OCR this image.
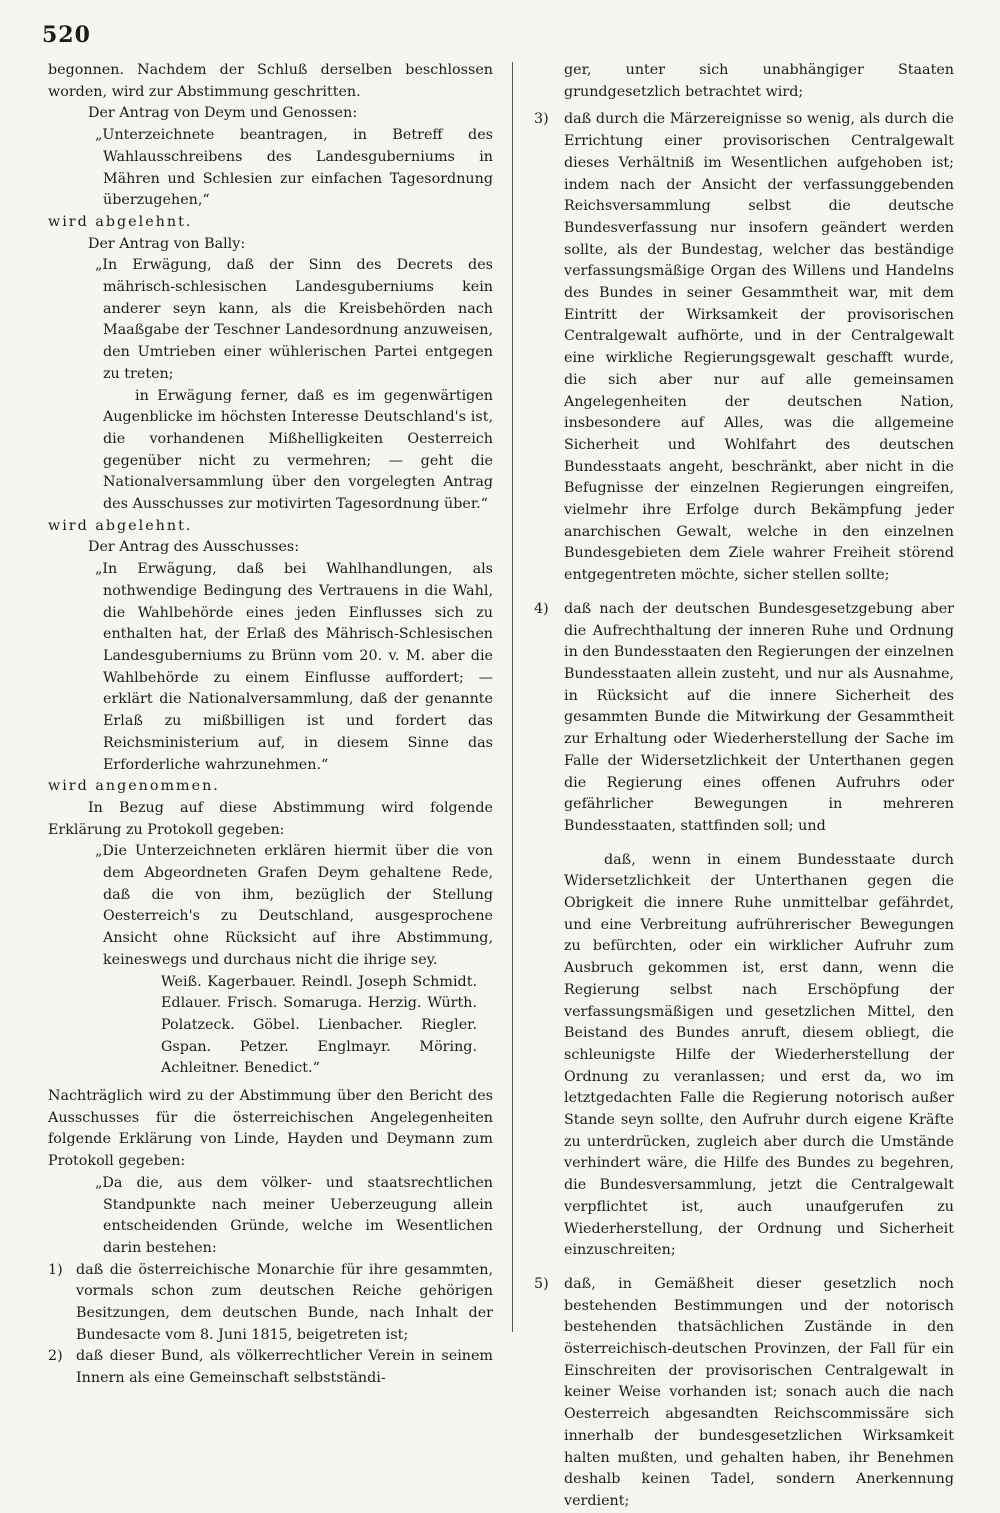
520

begonnen. Nachdem der Schluß derselben beschlossen worden, wird zur Abstimmung geschritten.

Der Antrag von Deym und Genossen:

„Unterzeichnete beantragen, in Betreff des Wahlausschreibens des Landesguberniums in Mähren und Schlesien zur einfachen Tagesordnung überzugehen,“

wird abgelehnt.

Der Antrag von Bally:

„In Erwägung, daß der Sinn des Decrets des mährisch-schlesischen Landesguberniums kein anderer seyn kann, als die Kreisbehörden nach Maaßgabe der Teschner Landesordnung anzuweisen, den Umtrieben einer wühlerischen Partei entgegen zu treten;

in Erwägung ferner, daß es im gegenwärtigen Augenblicke im höchsten Interesse Deutschland's ist, die vorhandenen Mißhelligkeiten Oesterreich gegenüber nicht zu vermehren; — geht die Nationalversammlung über den vorgelegten Antrag des Ausschusses zur motivirten Tagesordnung über.“

wird abgelehnt.

Der Antrag des Ausschusses:

„In Erwägung, daß bei Wahlhandlungen, als nothwendige Bedingung des Vertrauens in die Wahl, die Wahlbehörde eines jeden Einflusses sich zu enthalten hat, der Erlaß des Mährisch-Schlesischen Landesguberniums zu Brünn vom 20. v. M. aber die Wahlbehörde zu einem Einflusse auffordert; — erklärt die Nationalversammlung, daß der genannte Erlaß zu mißbilligen ist und fordert das Reichsministerium auf, in diesem Sinne das Erforderliche wahrzunehmen.“

wird angenommen.

In Bezug auf diese Abstimmung wird folgende Erklärung zu Protokoll gegeben:

„Die Unterzeichneten erklären hiermit über die von dem Abgeordneten Grafen Deym gehaltene Rede, daß die von ihm, bezüglich der Stellung Oesterreich's zu Deutschland, ausgesprochene Ansicht ohne Rücksicht auf ihre Abstimmung, keineswegs und durchaus nicht die ihrige sey.

Weiß. Kagerbauer. Reindl. Joseph Schmidt. Edlauer. Frisch. Somaruga. Herzig. Würth. Polatzeck. Göbel. Lienbacher. Riegler. Gspan. Petzer. Englmayr. Möring. Achleitner. Benedict.“

Nachträglich wird zu der Abstimmung über den Bericht des Ausschusses für die österreichischen Angelegenheiten folgende Erklärung von Linde, Hayden und Deymann zum Protokoll gegeben:

„Da die, aus dem völker- und staatsrechtlichen Standpunkte nach meiner Ueberzeugung allein entscheidenden Gründe, welche im Wesentlichen darin bestehen:

1) daß die österreichische Monarchie für ihre gesammten, vormals schon zum deutschen Reiche gehörigen Besitzungen, dem deutschen Bunde, nach Inhalt der Bundesacte vom 8. Juni 1815, beigetreten ist;

2) daß dieser Bund, als völkerrechtlicher Verein in seinem Innern als eine Gemeinschaft selbstständi-

ger, unter sich unabhängiger Staaten grundgesetzlich betrachtet wird;

3) daß durch die Märzereignisse so wenig, als durch die Errichtung einer provisorischen Centralgewalt dieses Verhältniß im Wesentlichen aufgehoben ist; indem nach der Ansicht der verfassunggebenden Reichsversammlung selbst die deutsche Bundesverfassung nur insofern geändert werden sollte, als der Bundestag, welcher das beständige verfassungsmäßige Organ des Willens und Handelns des Bundes in seiner Gesammtheit war, mit dem Eintritt der Wirksamkeit der provisorischen Centralgewalt aufhörte, und in der Centralgewalt eine wirkliche Regierungsgewalt geschafft wurde, die sich aber nur auf alle gemeinsamen Angelegenheiten der deutschen Nation, insbesondere auf Alles, was die allgemeine Sicherheit und Wohlfahrt des deutschen Bundesstaats angeht, beschränkt, aber nicht in die Befugnisse der einzelnen Regierungen eingreifen, vielmehr ihre Erfolge durch Bekämpfung jeder anarchischen Gewalt, welche in den einzelnen Bundesgebieten dem Ziele wahrer Freiheit störend entgegentreten möchte, sicher stellen sollte;

4) daß nach der deutschen Bundesgesetzgebung aber die Aufrechthaltung der inneren Ruhe und Ordnung in den Bundesstaaten den Regierungen der einzelnen Bundesstaaten allein zusteht, und nur als Ausnahme, in Rücksicht auf die innere Sicherheit des gesammten Bunde die Mitwirkung der Gesammtheit zur Erhaltung oder Wiederherstellung der Sache im Falle der Widersetzlichkeit der Unterthanen gegen die Regierung eines offenen Aufruhrs oder gefährlicher Bewegungen in mehreren Bundesstaaten, stattfinden soll; und

daß, wenn in einem Bundesstaate durch Widersetzlichkeit der Unterthanen gegen die Obrigkeit die innere Ruhe unmittelbar gefährdet, und eine Verbreitung aufrührerischer Bewegungen zu befürchten, oder ein wirklicher Aufruhr zum Ausbruch gekommen ist, erst dann, wenn die Regierung selbst nach Erschöpfung der verfassungsmäßigen und gesetzlichen Mittel, den Beistand des Bundes anruft, diesem obliegt, die schleunigste Hilfe der Wiederherstellung der Ordnung zu veranlassen; und erst da, wo im letztgedachten Falle die Regierung notorisch außer Stande seyn sollte, den Aufruhr durch eigene Kräfte zu unterdrücken, zugleich aber durch die Umstände verhindert wäre, die Hilfe des Bundes zu begehren, die Bundesversammlung, jetzt die Centralgewalt verpflichtet ist, auch unaufgerufen zu Wiederherstellung, der Ordnung und Sicherheit einzuschreiten;

5) daß, in Gemäßheit dieser gesetzlich noch bestehenden Bestimmungen und der notorisch bestehenden thatsächlichen Zustände in den österreichisch-deutschen Provinzen, der Fall für ein Einschreiten der provisorischen Centralgewalt in keiner Weise vorhanden ist; sonach auch die nach Oesterreich abgesandten Reichscommissäre sich innerhalb der bundesgesetzlichen Wirksamkeit halten mußten, und gehalten haben, ihr Benehmen deshalb keinen Tadel, sondern Anerkennung verdient;
